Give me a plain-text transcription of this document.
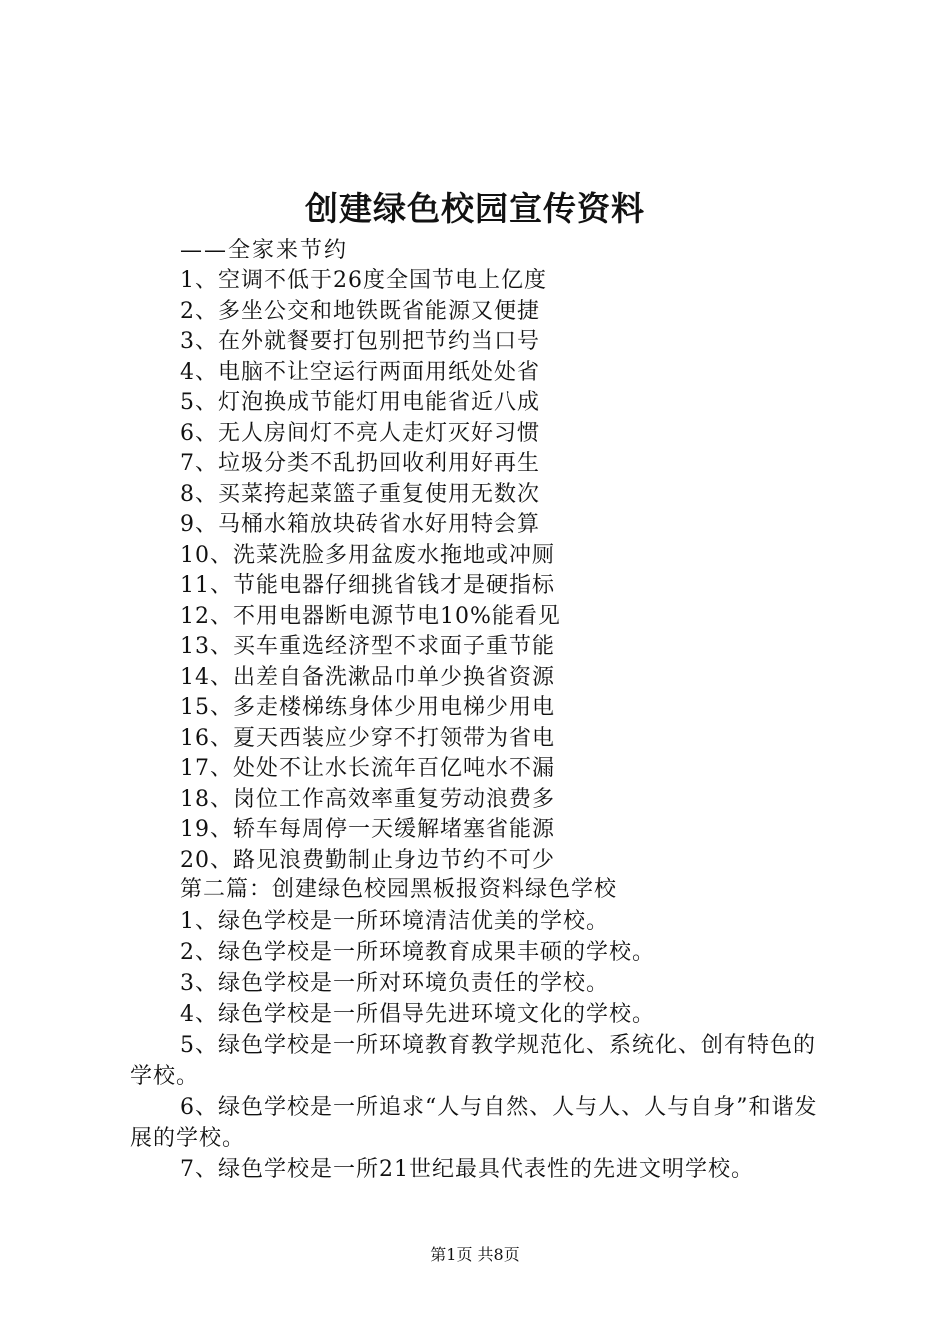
创建绿色校园宣传资料
——全家来节约
1、空调不低于26度全国节电上亿度
2、多坐公交和地铁既省能源又便捷
3、在外就餐要打包别把节约当口号
4、电脑不让空运行两面用纸处处省
5、灯泡换成节能灯用电能省近八成
6、无人房间灯不亮人走灯灭好习惯
7、垃圾分类不乱扔回收利用好再生
8、买菜挎起菜篮子重复使用无数次
9、马桶水箱放块砖省水好用特会算
10、洗菜洗脸多用盆废水拖地或冲厕
11、节能电器仔细挑省钱才是硬指标
12、不用电器断电源节电10%能看见
13、买车重选经济型不求面子重节能
14、出差自备洗漱品巾单少换省资源
15、多走楼梯练身体少用电梯少用电
16、夏天西装应少穿不打领带为省电
17、处处不让水长流年百亿吨水不漏
18、岗位工作高效率重复劳动浪费多
19、轿车每周停一天缓解堵塞省能源
20、路见浪费勤制止身边节约不可少
第二篇：创建绿色校园黑板报资料绿色学校

1、绿色学校是一所环境清洁优美的学校。

2、绿色学校是一所环境教育成果丰硕的学校。

3、绿色学校是一所对环境负责任的学校。

4、绿色学校是一所倡导先进环境文化的学校。

5、绿色学校是一所环境教育教学规范化、系统化、创有特色的学校。

6、绿色学校是一所追求“人与自然、人与人、人与自身”和谐发展的学校。

7、绿色学校是一所21世纪最具代表性的先进文明学校。

第1页 共8页
